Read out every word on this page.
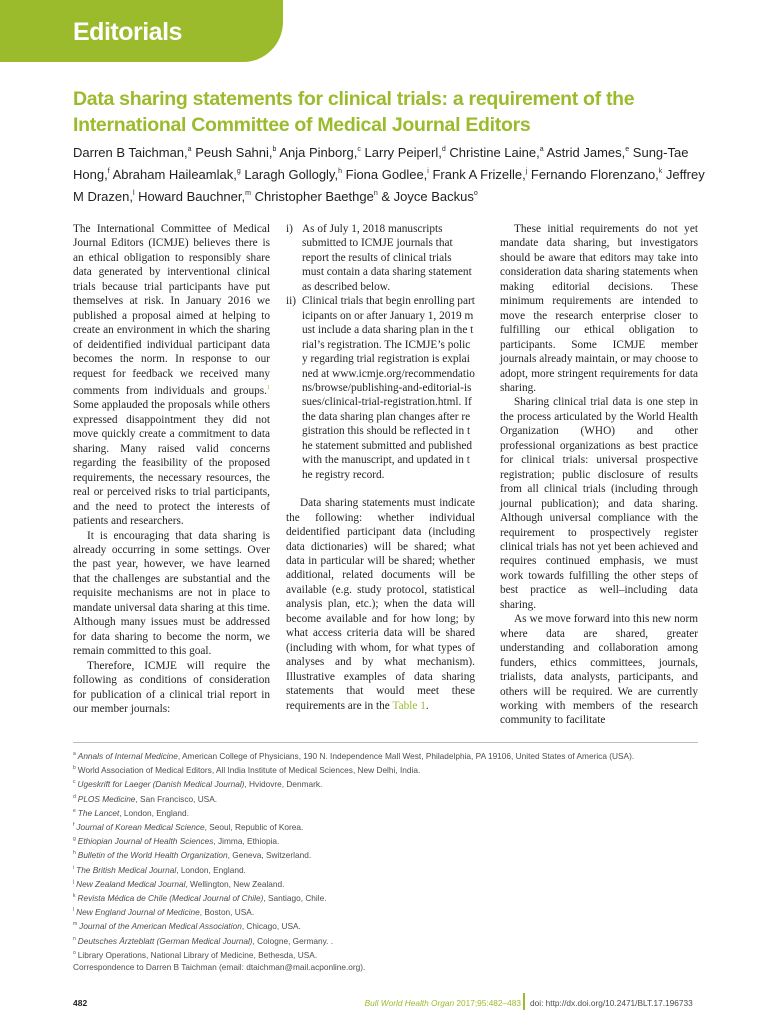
Editorials
Data sharing statements for clinical trials: a requirement of the International Committee of Medical Journal Editors

Darren B Taichman,$^a$ Peush Sahni,$^b$ Anja Pinborg,$^c$ Larry Peiperl,$^d$ Christine Laine,$^a$ Astrid James,$^e$ Sung-Tae Hong,$^f$ Abraham Haileamlak,$^g$ Laragh Gollogly,$^h$ Fiona Godlee,$^i$ Frank A Frizelle,$^j$ Fernando Florenzano,$^k$ Jeffrey M Drazen,$^l$ Howard Bauchner,$^m$ Christopher Baethge$^n$ & Joyce Backus$^o$

The International Committee of Medical Journal Editors (ICMJE) believes there is an ethical obligation to responsibly share data generated by interventional clinical trials because trial participants have put themselves at risk. In January 2016 we published a proposal aimed at helping to create an environment in which the sharing of deidentified individual participant data becomes the norm. In response to our request for feedback we received many comments from individuals and groups.$^1$ Some applauded the proposals while others expressed disappointment they did not move quickly create a commitment to data sharing. Many raised valid concerns regarding the feasibility of the proposed requirements, the necessary resources, the real or perceived risks to trial participants, and the need to protect the interests of patients and researchers.

It is encouraging that data sharing is already occurring in some settings. Over the past year, however, we have learned that the challenges are substantial and the requisite mechanisms are not in place to mandate universal data sharing at this time. Although many issues must be addressed for data sharing to become the norm, we remain committed to this goal.

Therefore, ICMJE will require the following as conditions of consideration for publication of a clinical trial report in our member journals:

i) As of July 1, 2018 manuscripts submitted to ICMJE journals that report the results of clinical trials must contain a data sharing statement as described below.
ii) Clinical trials that begin enrolling participants on or after January 1, 2019 must include a data sharing plan in the trial’s registration. The ICMJE’s policy regarding trial registration is explained at www.icmje.org/recommendations/browse/publishing-and-editorial-issues/clinical-trial-registration.html. If the data sharing plan changes after registration this should be reflected in the statement submitted and published with the manuscript, and updated in the registry record.

Data sharing statements must indicate the following: whether individual deidentified participant data (including data dictionaries) will be shared; what data in particular will be shared; whether additional, related documents will be available (e.g. study protocol, statistical analysis plan, etc.); when the data will become available and for how long; by what access criteria data will be shared (including with whom, for what types of analyses and by what mechanism). Illustrative examples of data sharing statements that would meet these requirements are in the Table 1.

These initial requirements do not yet mandate data sharing, but investigators should be aware that editors may take into consideration data sharing statements when making editorial decisions. These minimum requirements are intended to move the research enterprise closer to fulfilling our ethical obligation to participants. Some ICMJE member journals already maintain, or may choose to adopt, more stringent requirements for data sharing.

Sharing clinical trial data is one step in the process articulated by the World Health Organization (WHO) and other professional organizations as best practice for clinical trials: universal prospective registration; public disclosure of results from all clinical trials (including through journal publication); and data sharing. Although universal compliance with the requirement to prospectively register clinical trials has not yet been achieved and requires continued emphasis, we must work towards fulfilling the other steps of best practice as well–including data sharing.

As we move forward into this new norm where data are shared, greater understanding and collaboration among funders, ethics committees, journals, trialists, data analysts, participants, and others will be required. We are currently working with members of the research community to facilitate

$^a$ Annals of Internal Medicine, American College of Physicians, 190 N. Independence Mall West, Philadelphia, PA 19106, United States of America (USA).

$^b$ World Association of Medical Editors, All India Institute of Medical Sciences, New Delhi, India.

$^c$ Ugeskrift for Laeger (Danish Medical Journal), Hvidovre, Denmark.

$^d$ PLOS Medicine, San Francisco, USA.

$^e$ The Lancet, London, England.

$^f$ Journal of Korean Medical Science, Seoul, Republic of Korea.

$^g$ Ethiopian Journal of Health Sciences, Jimma, Ethiopia.

$^h$ Bulletin of the World Health Organization, Geneva, Switzerland.

$^i$ The British Medical Journal, London, England.

$^j$ New Zealand Medical Journal, Wellington, New Zealand.

$^k$ Revista Médica de Chile (Medical Journal of Chile), Santiago, Chile.

$^l$ New England Journal of Medicine, Boston, USA.

$^m$ Journal of the American Medical Association, Chicago, USA.

$^n$ Deutsches Ärzteblatt (German Medical Journal), Cologne, Germany. .

$^o$ Library Operations, National Library of Medicine, Bethesda, USA.

Correspondence to Darren B Taichman (email: dtaichman@mail.acponline.org).

482	Bull World Health Organ 2017;95:482–483 doi: http://dx.doi.org/10.2471/BLT.17.196733
